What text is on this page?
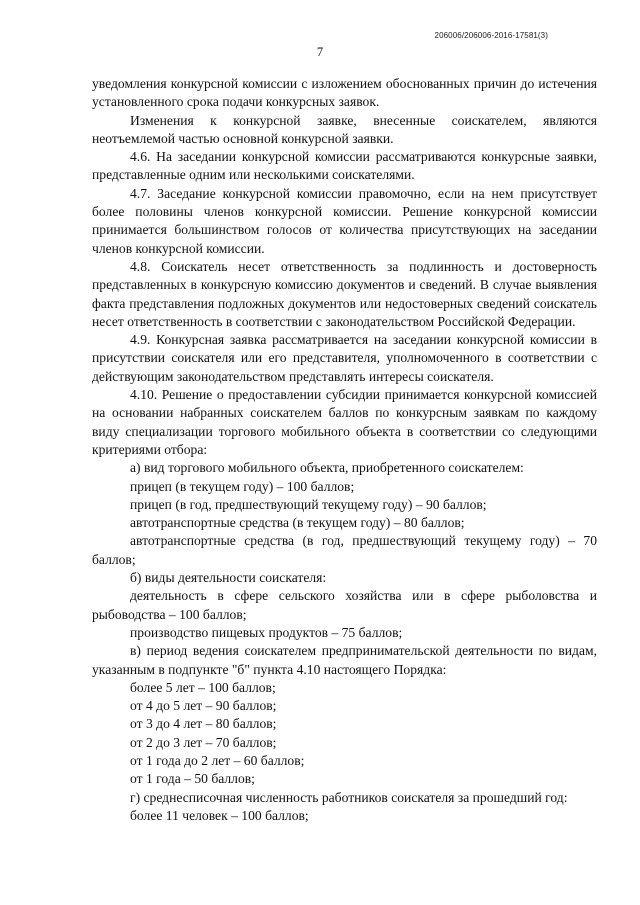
206006/206006-2016-17581(3)
7

уведомления конкурсной комиссии с изложением обоснованных причин до истечения установленного срока подачи конкурсных заявок.

Изменения к конкурсной заявке, внесенные соискателем, являются неотъемлемой частью основной конкурсной заявки.

4.6. На заседании конкурсной комиссии рассматриваются конкурсные заявки, представленные одним или несколькими соискателями.

4.7. Заседание конкурсной комиссии правомочно, если на нем присутствует более половины членов конкурсной комиссии. Решение конкурсной комиссии принимается большинством голосов от количества присутствующих на заседании членов конкурсной комиссии.

4.8. Соискатель несет ответственность за подлинность и достоверность представленных в конкурсную комиссию документов и сведений. В случае выявления факта представления подложных документов или недостоверных сведений соискатель несет ответственность в соответствии с законодательством Российской Федерации.

4.9. Конкурсная заявка рассматривается на заседании конкурсной комиссии в присутствии соискателя или его представителя, уполномоченного в соответствии с действующим законодательством представлять интересы соискателя.

4.10. Решение о предоставлении субсидии принимается конкурсной комиссией на основании набранных соискателем баллов по конкурсным заявкам по каждому виду специализации торгового мобильного объекта в соответствии со следующими критериями отбора:

а) вид торгового мобильного объекта, приобретенного соискателем:

прицеп (в текущем году) – 100 баллов;

прицеп (в год, предшествующий текущему году) – 90 баллов;

автотранспортные средства (в текущем году) – 80 баллов;

автотранспортные средства (в год, предшествующий текущему году) – 70 баллов;

б) виды деятельности соискателя:

деятельность в сфере сельского хозяйства или в сфере рыболовства и рыбоводства – 100 баллов;

производство пищевых продуктов – 75 баллов;

в) период ведения соискателем предпринимательской деятельности по видам, указанным в подпункте "б" пункта 4.10 настоящего Порядка:

более 5 лет – 100 баллов;

от 4 до 5 лет – 90 баллов;

от 3 до 4 лет – 80 баллов;

от 2 до 3 лет – 70 баллов;

от 1 года до 2 лет – 60 баллов;

от 1 года – 50 баллов;

г) среднесписочная численность работников соискателя за прошедший год:

более 11 человек – 100 баллов;
